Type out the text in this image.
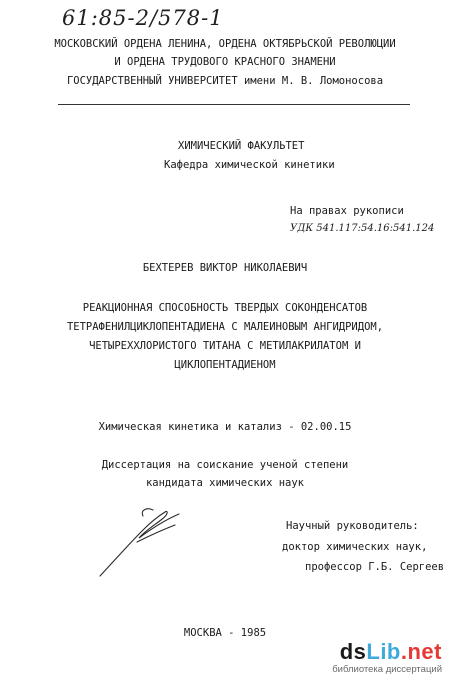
61:85-2/578-1
МОСКОВСКИЙ ОРДЕНА ЛЕНИНА, ОРДЕНА ОКТЯБРЬСКОЙ РЕВОЛЮЦИИ
И ОРДЕНА ТРУДОВОГО КРАСНОГО ЗНАМЕНИ
ГОСУДАРСТВЕННЫЙ УНИВЕРСИТЕТ имени М. В. Ломоносова
ХИМИЧЕСКИЙ ФАКУЛЬТЕТ
Кафедра химической кинетики
На правах рукописи
УДК 541.117:54.16:541.124
БЕХТЕРЕВ ВИКТОР НИКОЛАЕВИЧ
РЕАКЦИОННАЯ СПОСОБНОСТЬ ТВЕРДЫХ СОКОНДЕНСАТОВ
ТЕТРАФЕНИЛЦИКЛОПЕНТАДИЕНА С МАЛЕИНОВЫМ АНГИДРИДОМ,
ЧЕТЫРЕХХЛОРИСТОГО ТИТАНА С МЕТИЛАКРИЛАТОМ И
ЦИКЛОПЕНТАДИЕНОМ
Химическая кинетика и катализ - 02.00.15
Диссертация на соискание ученой степени
кандидата химических наук
Научный руководитель:
доктор химических наук,
профессор Г.Б. Сергеев
МОСКВА - 1985
dsLib.net
библиотека диссертаций
